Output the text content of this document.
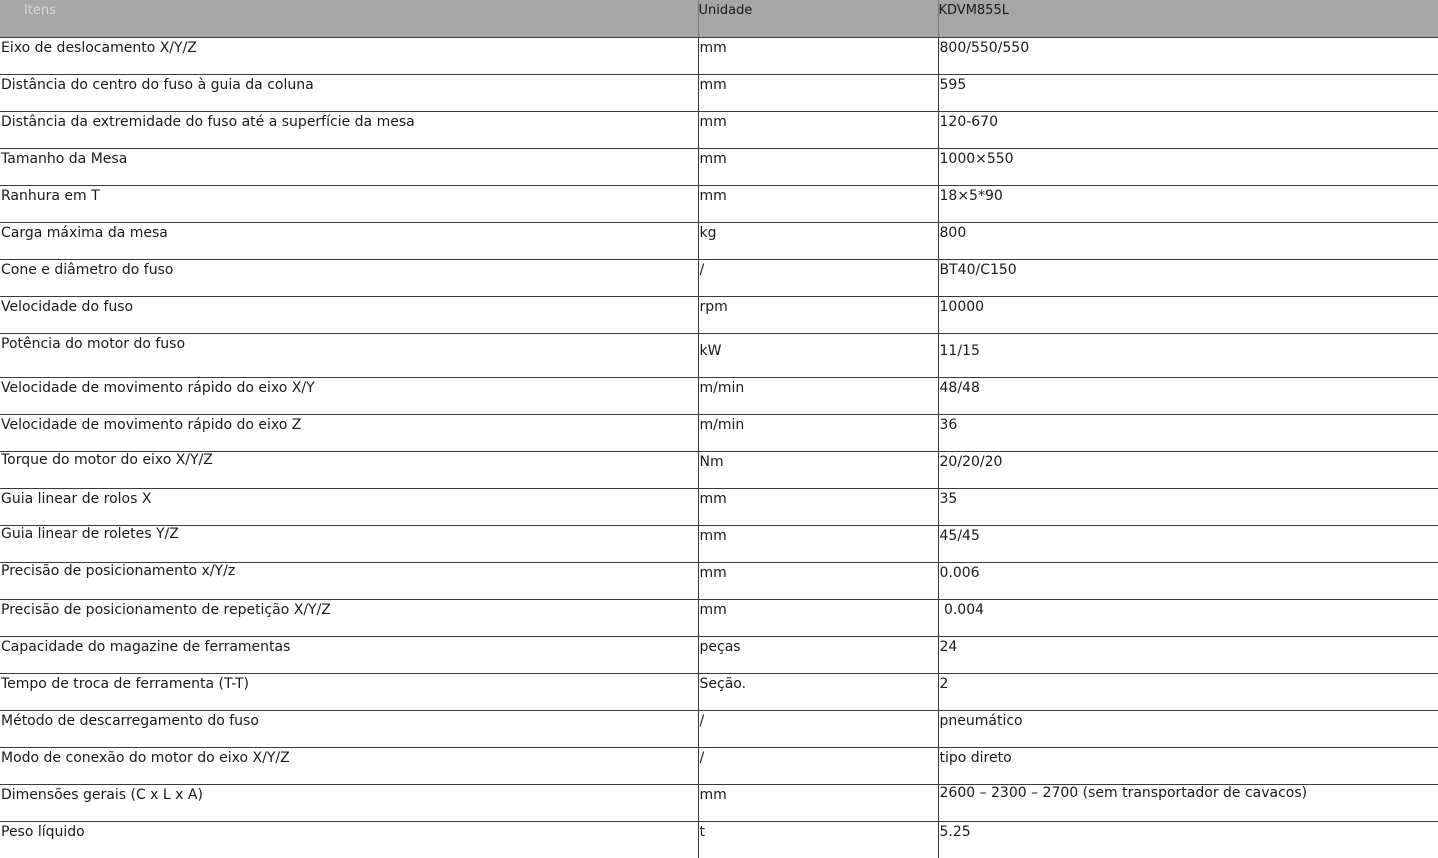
Itens	Unidade	KDVM855L
Eixo de deslocamento X/Y/Z	mm	800/550/550
Distância do centro do fuso à guia da coluna	mm	595
Distância da extremidade do fuso até a superfície da mesa	mm	120-670
Tamanho da Mesa	mm	1000×550
Ranhura em T	mm	18×5*90
Carga máxima da mesa	kg	800
Cone e diâmetro do fuso	/	BT40/C150
Velocidade do fuso	rpm	10000
Potência do motor do fuso	kW	11/15
Velocidade de movimento rápido do eixo X/Y	m/min	48/48
Velocidade de movimento rápido do eixo Z	m/min	36
Torque do motor do eixo X/Y/Z	Nm	20/20/20
Guia linear de rolos X	mm	35
Guia linear de roletes Y/Z	mm	45/45
Precisão de posicionamento x/Y/z	mm	0.006
Precisão de posicionamento de repetição X/Y/Z	mm	0.004
Capacidade do magazine de ferramentas	peças	24
Tempo de troca de ferramenta (T-T)	Seção.	2
Método de descarregamento do fuso	/	pneumático
Modo de conexão do motor do eixo X/Y/Z	/	tipo direto
Dimensões gerais (C x L x A)	mm	2600 – 2300 – 2700 (sem transportador de cavacos)
Peso líquido	t	5.25
